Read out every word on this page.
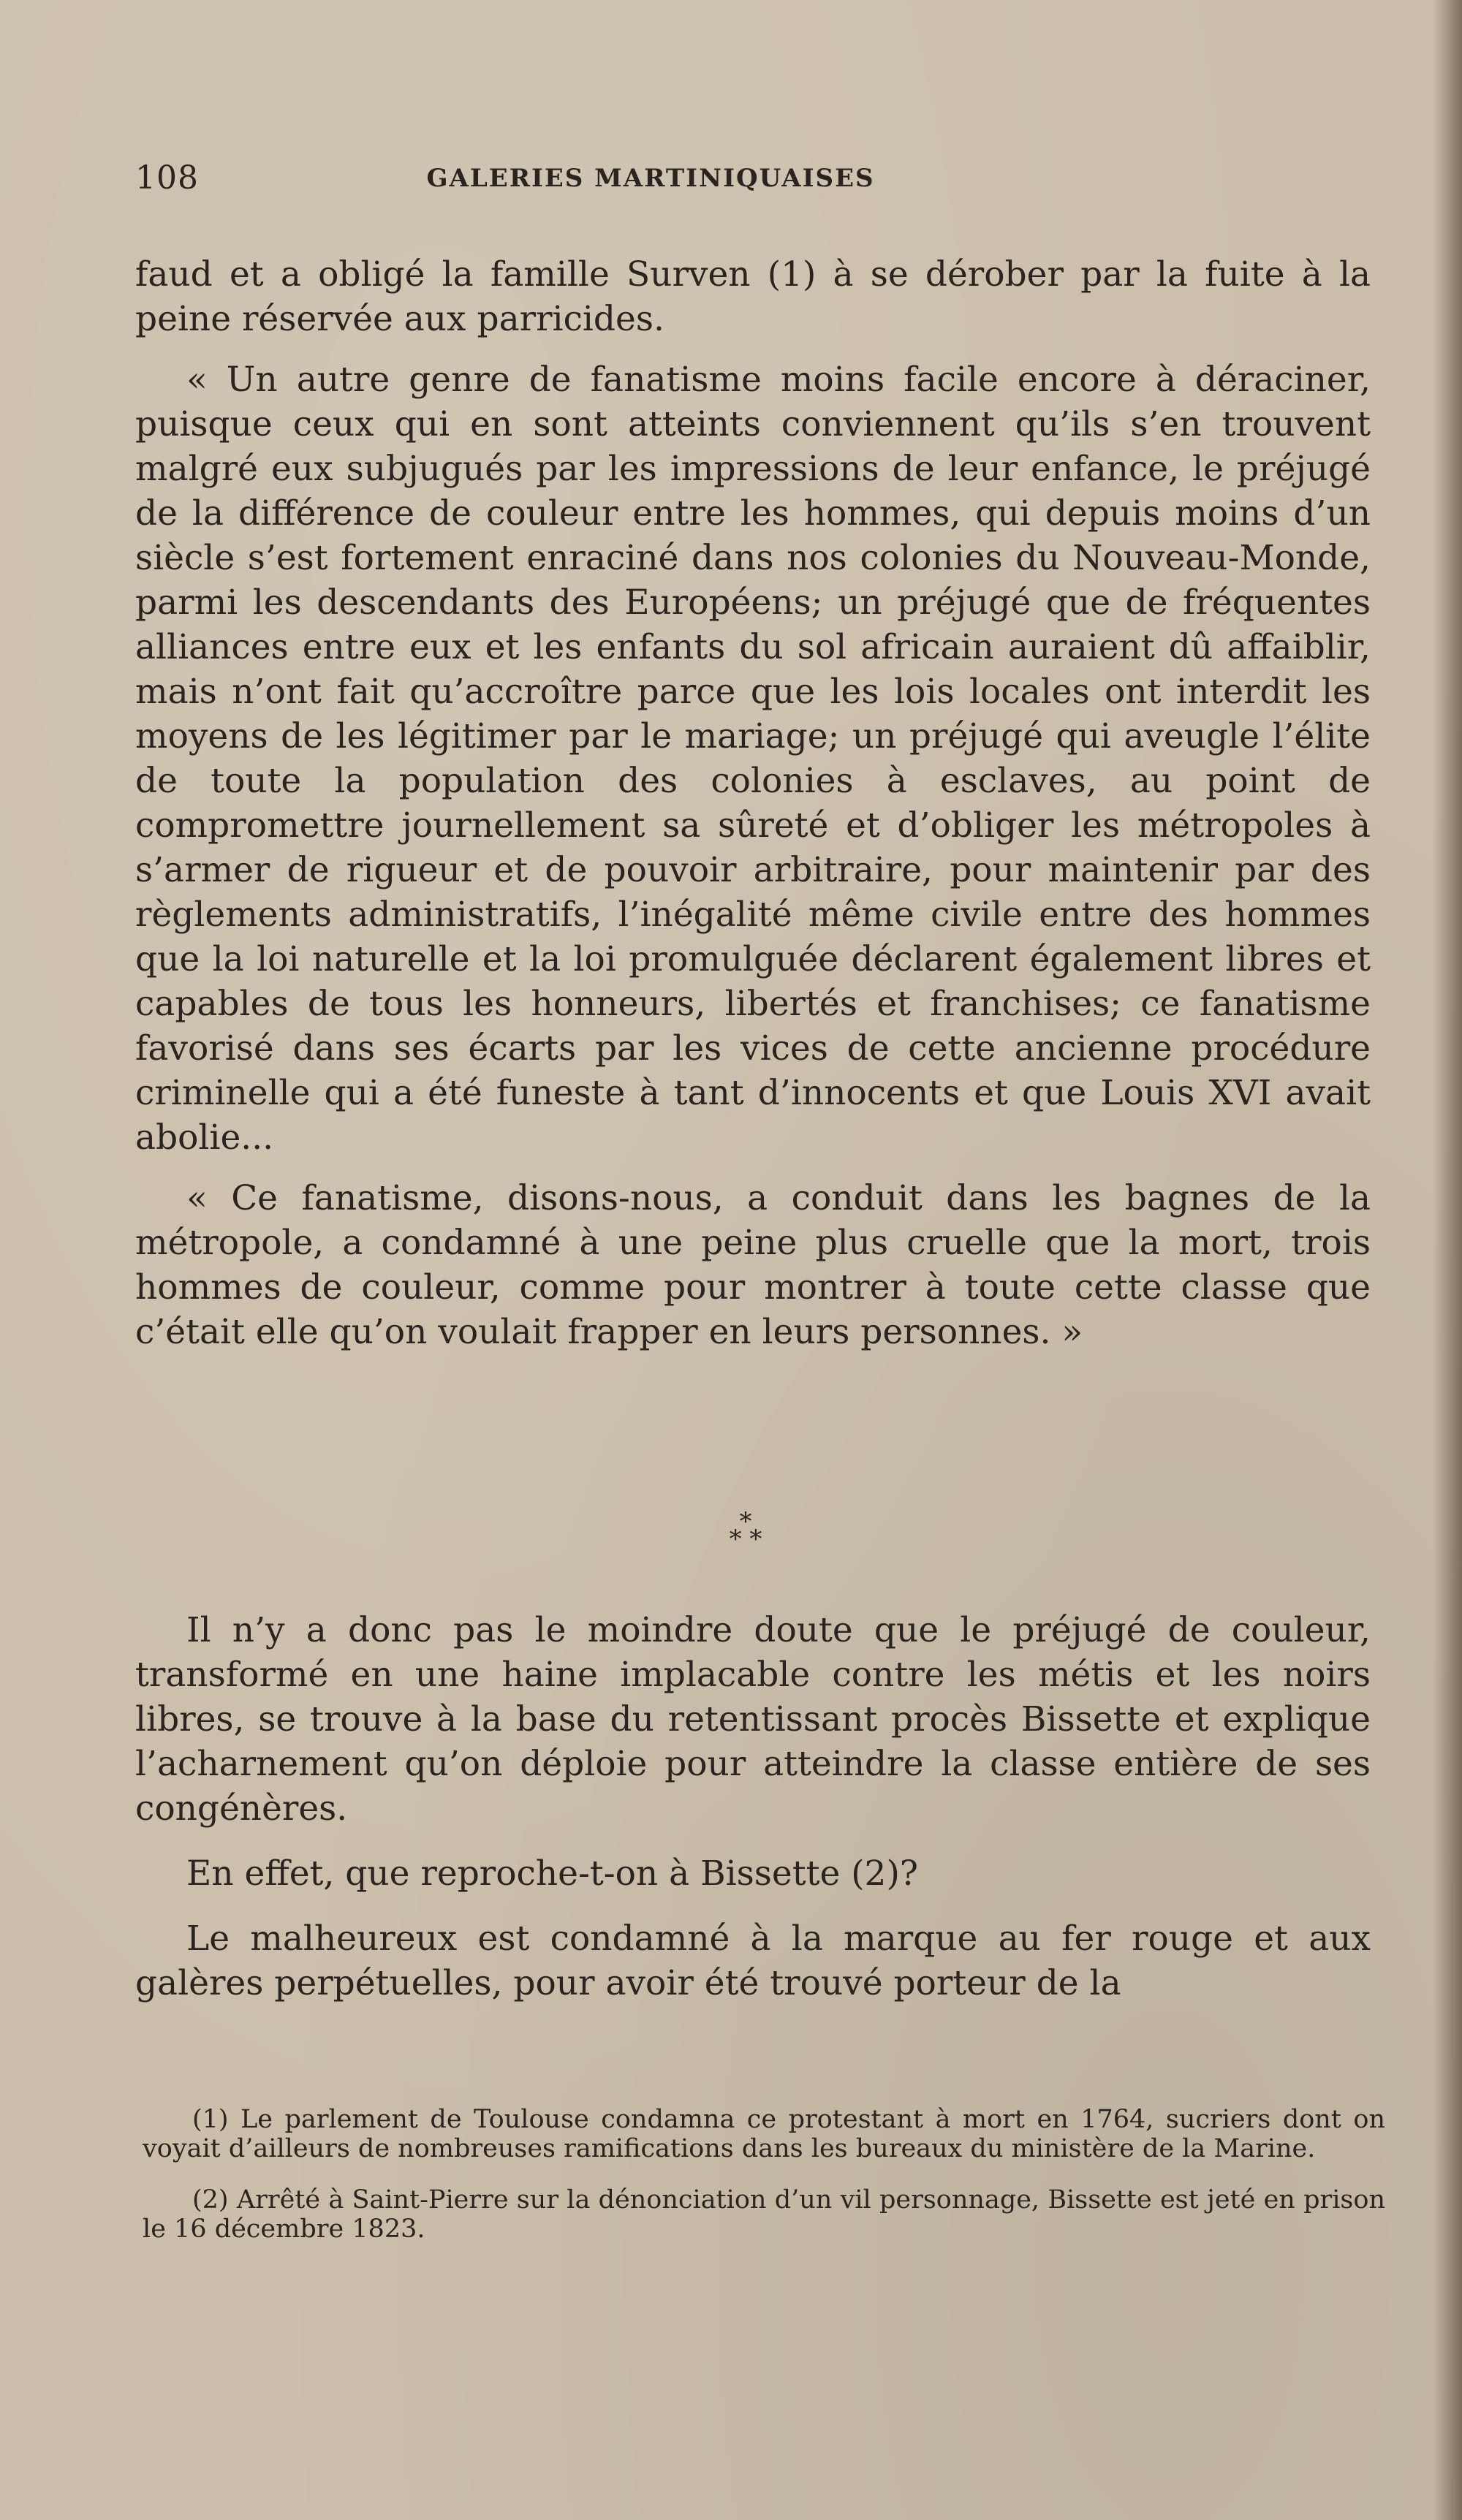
108	GALERIES MARTINIQUAISES

faud et a obligé la famille Surven (1) à se dérober par la fuite à la peine réservée aux parricides.

« Un autre genre de fanatisme moins facile encore à déraciner, puisque ceux qui en sont atteints conviennent qu’ils s’en trouvent malgré eux subjugués par les impressions de leur enfance, le préjugé de la différence de couleur entre les hommes, qui depuis moins d’un siècle s’est fortement enraciné dans nos colonies du Nouveau-Monde, parmi les descendants des Européens; un préjugé que de fréquentes alliances entre eux et les enfants du sol africain auraient dû affaiblir, mais n’ont fait qu’accroître parce que les lois locales ont interdit les moyens de les légitimer par le mariage; un préjugé qui aveugle l’élite de toute la population des colonies à esclaves, au point de compromettre journellement sa sûreté et d’obliger les métropoles à s’armer de rigueur et de pouvoir arbitraire, pour maintenir par des règlements administratifs, l’inégalité même civile entre des hommes que la loi naturelle et la loi promulguée déclarent également libres et capables de tous les honneurs, libertés et franchises; ce fanatisme favorisé dans ses écarts par les vices de cette ancienne procédure criminelle qui a été funeste à tant d’innocents et que Louis XVI avait abolie...

« Ce fanatisme, disons-nous, a conduit dans les bagnes de la métropole, a condamné à une peine plus cruelle que la mort, trois hommes de couleur, comme pour montrer à toute cette classe que c’était elle qu’on voulait frapper en leurs personnes. »

*
* *

Il n’y a donc pas le moindre doute que le préjugé de couleur, transformé en une haine implacable contre les métis et les noirs libres, se trouve à la base du retentissant procès Bissette et explique l’acharnement qu’on déploie pour atteindre la classe entière de ses congénères.

En effet, que reproche-t-on à Bissette (2)?

Le malheureux est condamné à la marque au fer rouge et aux galères perpétuelles, pour avoir été trouvé porteur de la

(1) Le parlement de Toulouse condamna ce protestant à mort en 1764, sucriers dont on voyait d’ailleurs de nombreuses ramifications dans les bureaux du ministère de la Marine.

(2) Arrêté à Saint-Pierre sur la dénonciation d’un vil personnage, Bissette est jeté en prison le 16 décembre 1823.
